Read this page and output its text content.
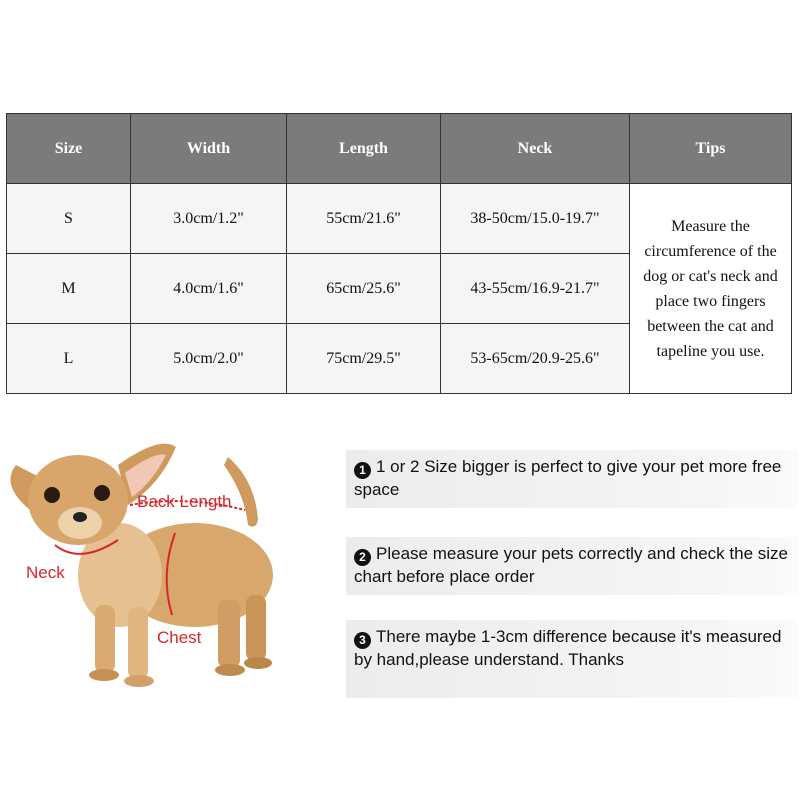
Size	Width	Length	Neck	Tips
S	3.0cm/1.2"	55cm/21.6"	38-50cm/15.0-19.7"	Measure the circumference of the dog or cat's neck and place two fingers between the cat and tapeline you use.
M	4.0cm/1.6"	65cm/25.6"	43-55cm/16.9-21.7"	
L	5.0cm/2.0"	75cm/29.5"	53-65cm/20.9-25.6"	
Back Length
Neck
Chest
1 1 or 2 Size bigger is perfect to give your pet more free space
2 Please measure your pets correctly and check the size chart before place order
3 There maybe 1-3cm difference because it's measured by hand,please understand. Thanks
